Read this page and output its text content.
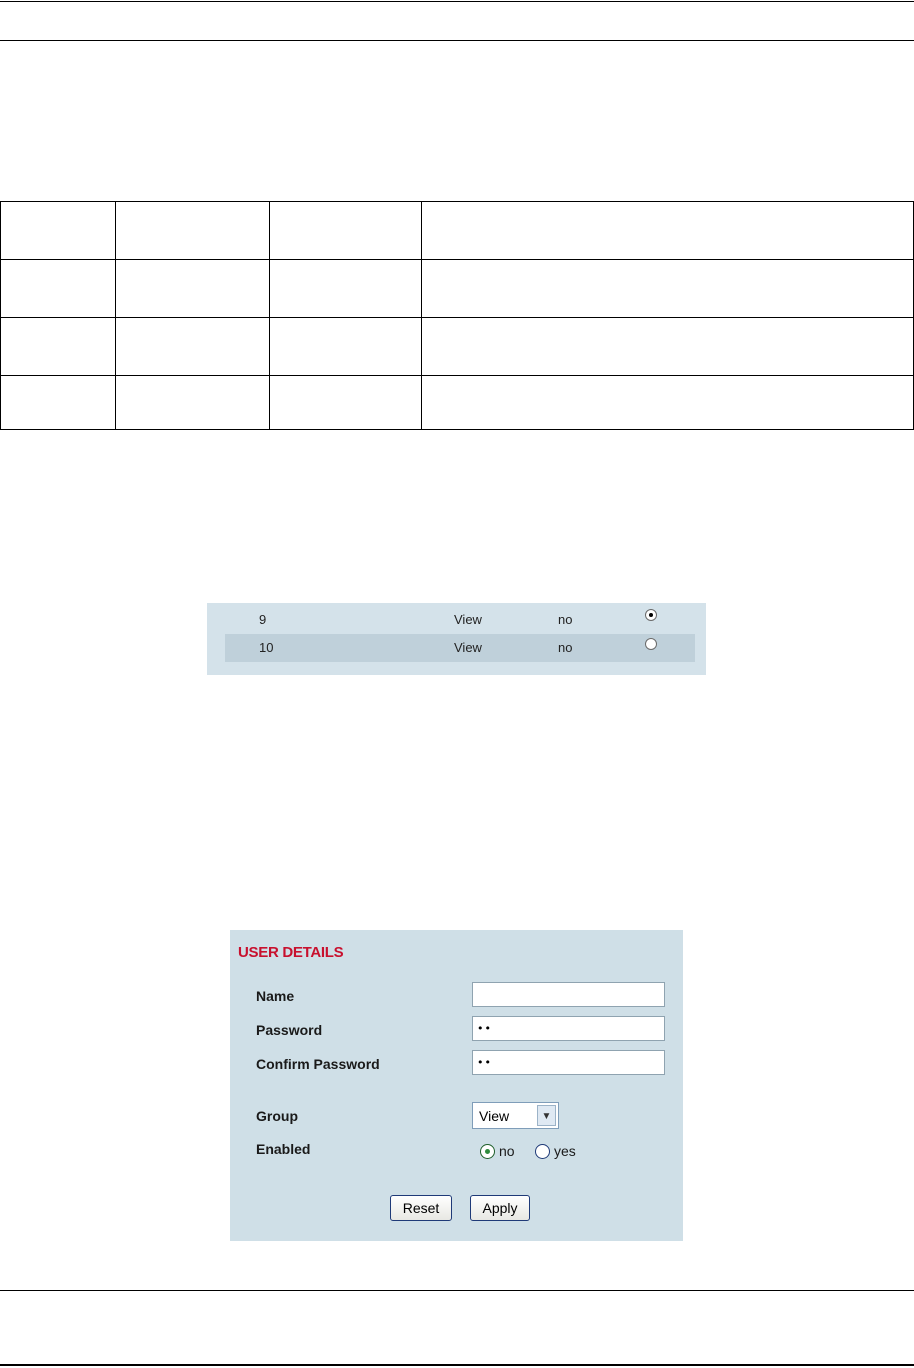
9	View	no
10	View	no
USER DETAILS
Name
Password	••
Confirm Password	••
Group	View	▼
Enabled	no	yes
Reset	Apply
